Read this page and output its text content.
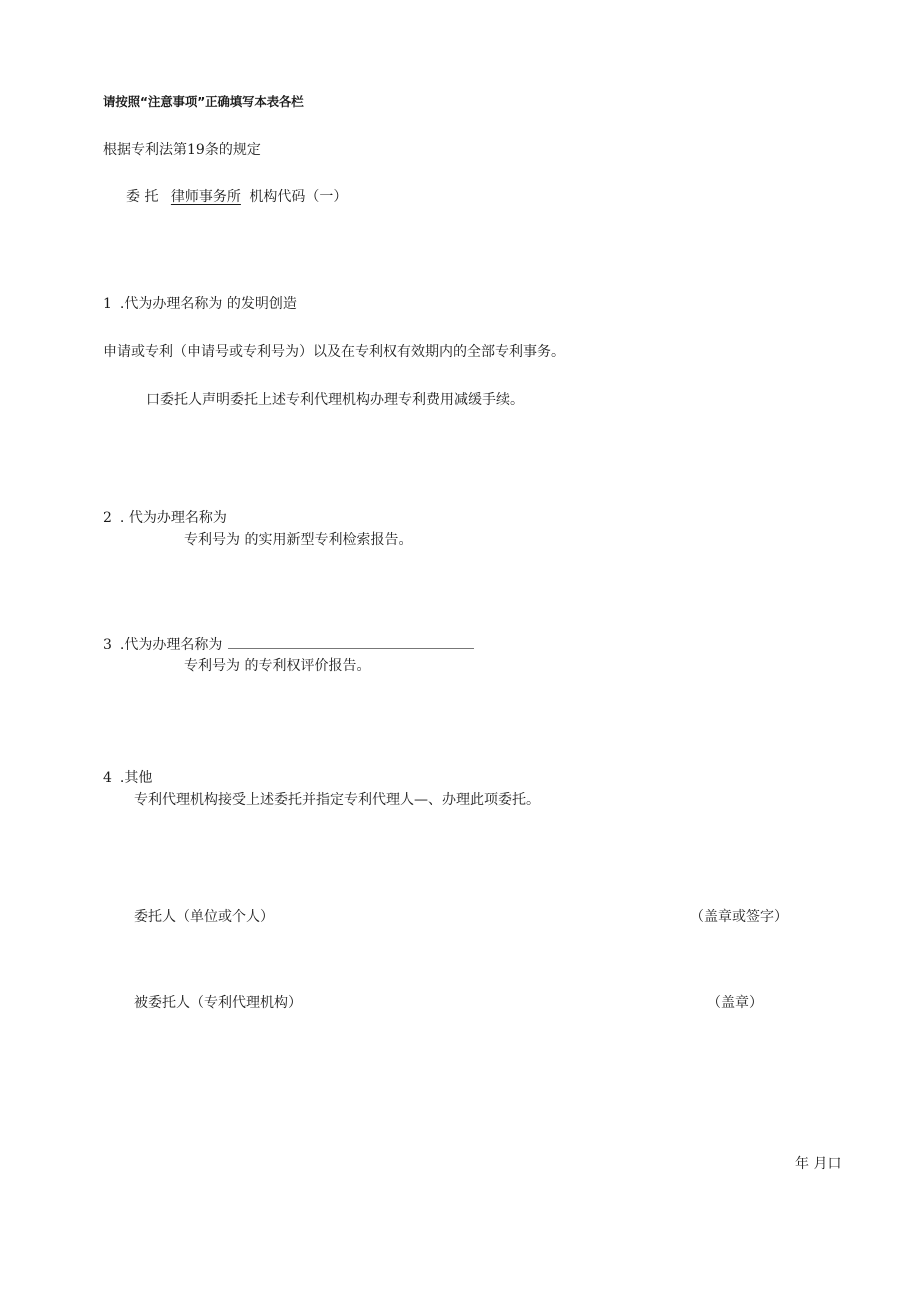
请按照“注意事项”正确填写本表各栏
根据专利法第19条的规定
委 托 律师事务所 机构代码（一）
1 .代为办理名称为 的发明创造
申请或专利（申请号或专利号为）以及在专利权有效期内的全部专利事务。
口委托人声明委托上述专利代理机构办理专利费用减缓手续。
2 . 代为办理名称为
专利号为 的实用新型专利检索报告。
3 .代为办理名称为
专利号为 的专利权评价报告。
4 .其他
专利代理机构接受上述委托并指定专利代理人—、办理此项委托。
委托人（单位或个人）	（盖章或签字）
被委托人（专利代理机构）	（盖章）
年 月口
